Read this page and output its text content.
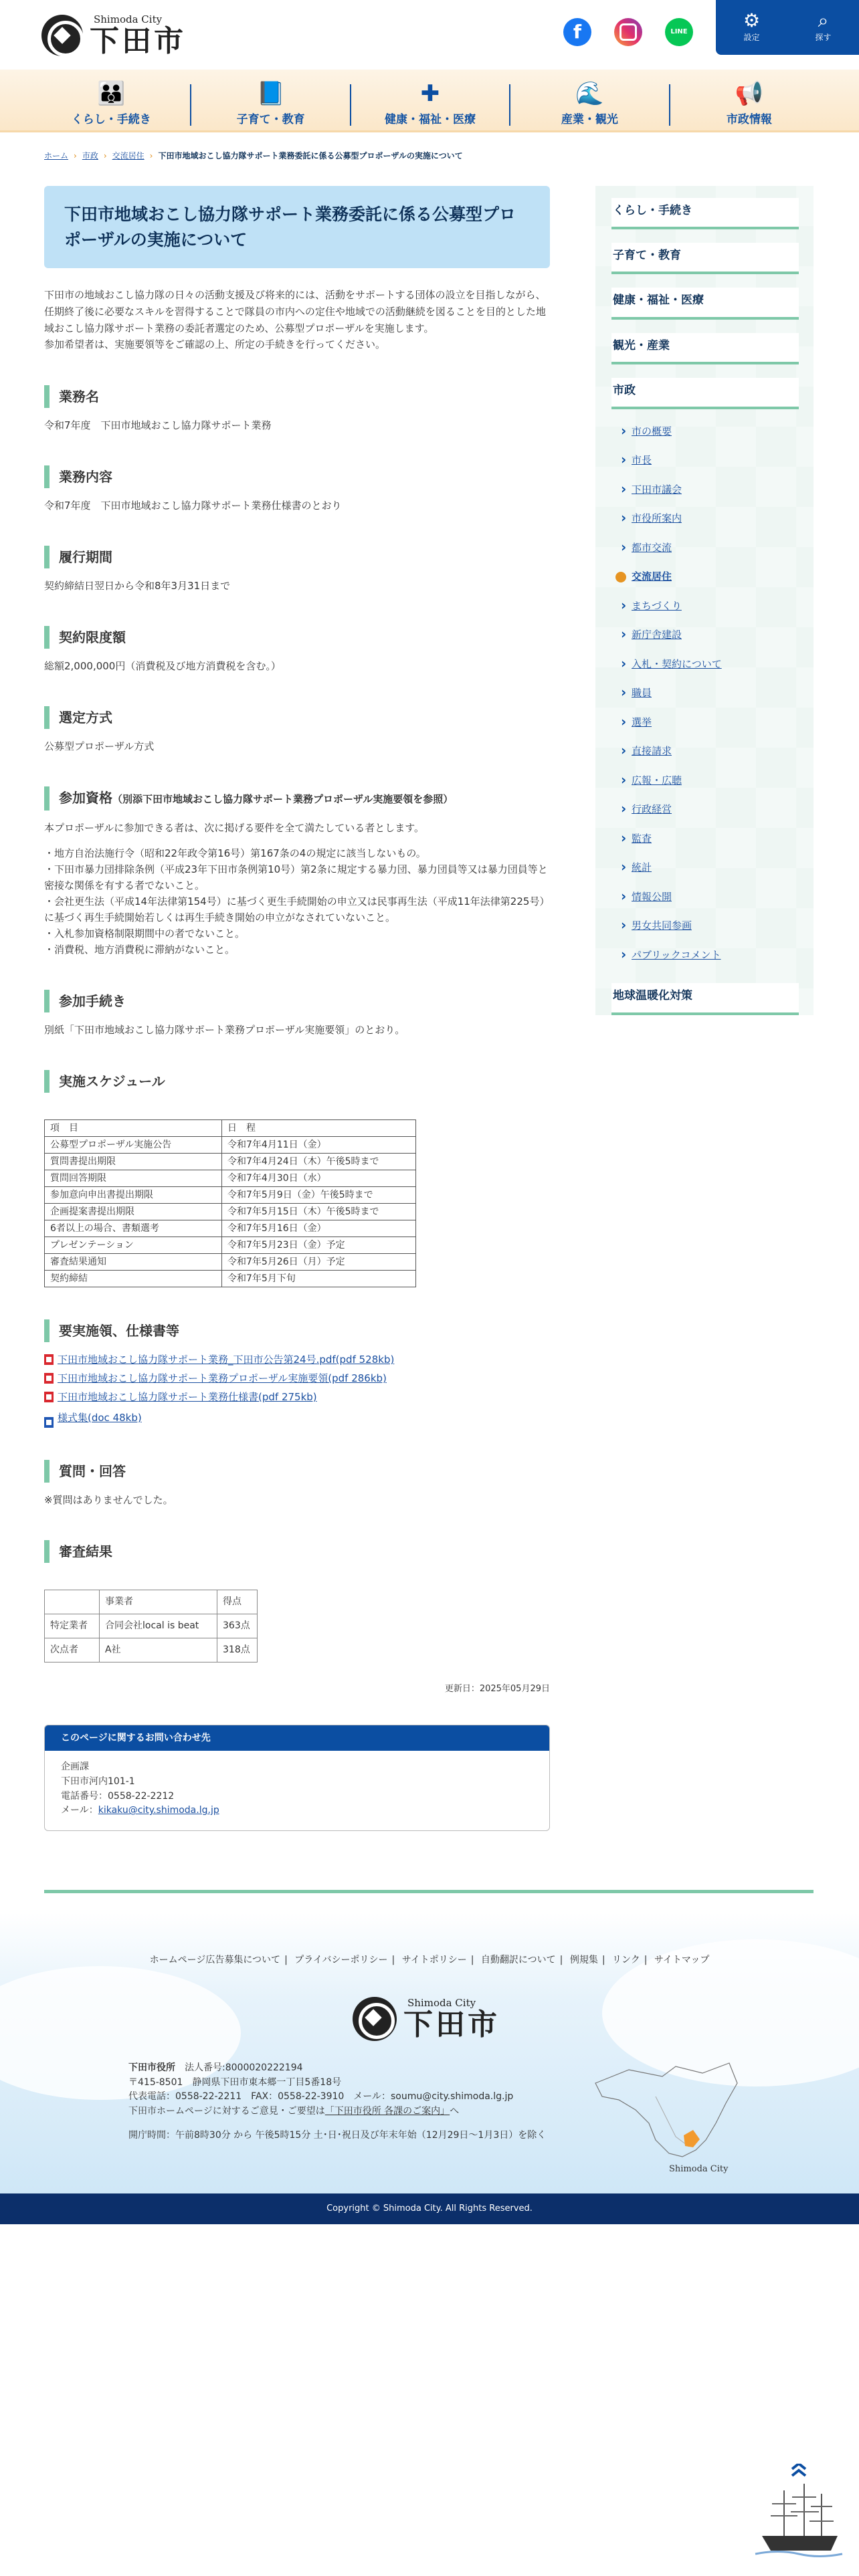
Shimoda City
下田市	f	LINE
⚙
設定
⌕
探す
👪
くらし・手続き
📘
子育て・教育
✚
健康・福祉・医療
🌊
産業・観光
📢
市政情報
ホーム › 市政 › 交流居住 › 下田市地域おこし協力隊サポート業務委託に係る公募型プロポーザルの実施について
下田市地域おこし協力隊サポート業務委託に係る公募型プロポーザルの実施について
下田市の地域おこし協力隊の日々の活動支援及び将来的には、活動をサポートする団体の設立を目指しながら、任期終了後に必要なスキルを習得することで隊員の市内への定住や地域での活動継続を図ることを目的とした地域おこし協力隊サポート業務の委託者選定のため、公募型プロポーザルを実施します。
参加希望者は、実施要領等をご確認の上、所定の手続きを行ってください。
業務名

令和7年度　下田市地域おこし協力隊サポート業務

業務内容

令和7年度　下田市地域おこし協力隊サポート業務仕様書のとおり

履行期間

契約締結日翌日から令和8年3月31日まで

契約限度額

総額2,000,000円（消費税及び地方消費税を含む。）

選定方式

公募型プロポーザル方式

参加資格（別添下田市地域おこし協力隊サポート業務プロポーザル実施要領を参照）

本プロポーザルに参加できる者は、次に掲げる要件を全て満たしている者とします。

・地方自治法施行令（昭和22年政令第16号）第167条の4の規定に該当しないもの。
・下田市暴力団排除条例（平成23年下田市条例第10号）第2条に規定する暴力団、暴力団員等又は暴力団員等と密接な関係を有する者でないこと。
・会社更生法（平成14年法律第154号）に基づく更生手続開始の申立又は民事再生法（平成11年法律第225号）に基づく再生手続開始若しくは再生手続き開始の申立がなされていないこと。
・入札参加資格制限期間中の者でないこと。
・消費税、地方消費税に滞納がないこと。
参加手続き

別紙「下田市地域おこし協力隊サポート業務プロポーザル実施要領」のとおり。

実施スケジュール
項　目	日　程
公募型プロポーザル実施公告	令和7年4月11日（金）
質問書提出期限	令和7年4月24日（木）午後5時まで
質問回答期限	令和7年4月30日（水）
参加意向申出書提出期限	令和7年5月9日（金）午後5時まで
企画提案書提出期限	令和7年5月15日（木）午後5時まで
6者以上の場合、書類選考	令和7年5月16日（金）
プレゼンテーション	令和7年5月23日（金）予定
審査結果通知	令和7年5月26日（月）予定
契約締結	令和7年5月下旬
要実施領、仕様書等
下田市地域おこし協力隊サポート業務_下田市公告第24号.pdf(pdf 528kb)
下田市地域おこし協力隊サポート業務プロポーザル実施要領(pdf 286kb)
下田市地域おこし協力隊サポート業務仕様書(pdf 275kb)
様式集(doc 48kb)
質問・回答

※質問はありませんでした。

審査結果
	事業者	得点
特定業者	合同会社local is beat	363点
次点者	A社	318点
更新日：2025年05月29日
このページに関するお問い合わせ先
企画課
下田市河内101-1
電話番号：0558-22-2212
メール：kikaku@city.shimoda.lg.jp
くらし・手続き
子育て・教育
健康・福祉・医療
観光・産業
市政
› 市の概要
› 市長
› 下田市議会
› 市役所案内
› 都市交流
交流居住
› まちづくり
› 新庁舎建設
› 入札・契約について
› 職員
› 選挙
› 直接請求
› 広報・広聴
› 行政経営
› 監査
› 統計
› 情報公開
› 男女共同参画
› パブリックコメント
地球温暖化対策
ホームページ広告募集について | プライバシーポリシー | サイトポリシー | 自動翻訳について | 例規集 | リンク | サイトマップ
Shimoda City
下田市
下田市役所　 法人番号:8000020222194
〒415-8501　静岡県下田市東本郷一丁目5番18号
代表電話：0558-22-2211　FAX：0558-22-3910　メール：soumu@city.shimoda.lg.jp
下田市ホームページに対するご意見・ご要望は「下田市役所 各課のご案内」へ
開庁時間：午前8時30分 から 午後5時15分 土･日･祝日及び年末年始（12月29日～1月3日）を除く
Shimoda City
Copyright © Shimoda City. All Rights Reserved.
